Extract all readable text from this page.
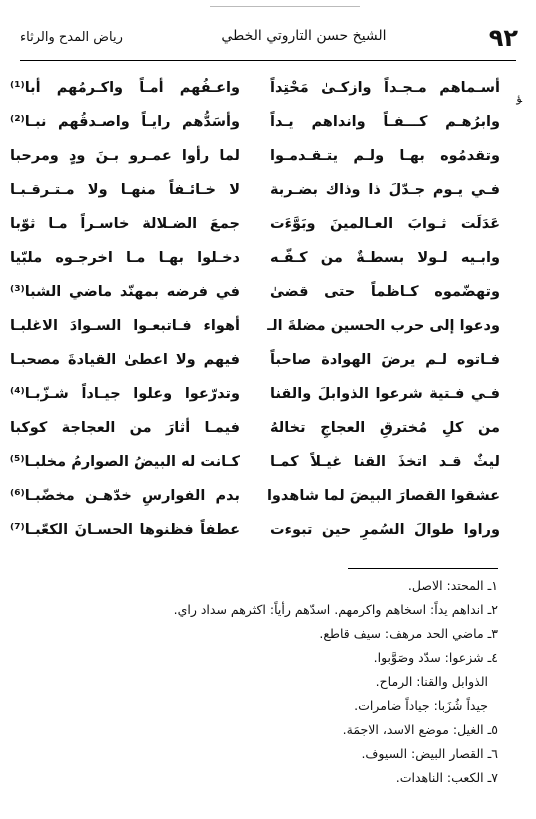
٩٢
الشيخ حسن التاروتي الخطي
رياض المدح والرثاء
ﺆ
أسـماهم مـجـداً وازكـىٰ مَحْتِداً
واعـفُهم أمـاً واكـرمُهم أبا⁽¹⁾
وابرُهـم كـــفـاً وانداهم يـداً
وأسَدُّهم رايـاً واصـدقُهم نبـا⁽²⁾
وتقدمُوه بهـا ولـم يتـقـدمـوا
لما رأوا عمـرو بـنَ ودٍ ومرحبا
فـي يـوم جـدّلَ ذا وذاك بضـربة
لا خـائـفاً منهـا ولا مـتـرقـبـا
عَدَلَت ثـوابَ العـالمينَ وبَوَّءَت
جمعَ الضـلالة خاسـراً مـا ثوّبا
وابـيه لـولا بسطـةٌ من كـفّـه
دخـلوا بهـا مـا اخرجـوه ملبّيا
وتهضّموه كـاظماً حتى قضىٰ
في فرضه بمهنّد ماضي الشبا⁽³⁾
ودعوا إلى حرب الحسين مضلةَ الـ
أهواء فـاتبعـوا السـوادَ الاغلبـا
فـاتوه لـم يرضَ الهوادة صاحباً
فيهم ولا اعطىٰ القيادةَ مصحبـا
فـي فـتية شرعوا الذوابلَ والقنا
وتدرّعوا وعلوا جيـاداً شـزّبـا⁽⁴⁾
من كلِ مُخترقِ العجاجِ تخالهُ
فيمـا أثارَ من العجاجة كوكبا
ليثٌ قـد اتخذَ القنا غيـلاً كمـا
كـانت له البيضُ الصوارمُ مخلبـا⁽⁵⁾
عشقوا القصارَ البيضَ لما شاهدوا
بدم الفوارسِ خدّهـن مخضّبـا⁽⁶⁾
وراوا طوالَ السُمرِ حين تبوءت
عطفاً فظنوها الحسـانَ الكعّبـا⁽⁷⁾
١ـ المحتد: الاصل.
٢ـ انداهم يداً: اسخاهم واكرمهم. اسدّهم رأياً: اكثرهم سداد راي.
٣ـ ماضي الحد مرهف: سيف قاطع.
٤ـ شزعوا: سدّد وصَوَّبوا.
الذوابل والقنا: الرماح.
جيداً شُزَبا: جياداً ضامرات.
٥ـ الغيل: موضع الاسد، الاجمَة.
٦ـ القصار البيض: السيوف.
٧ـ الكعب: الناهدات.
